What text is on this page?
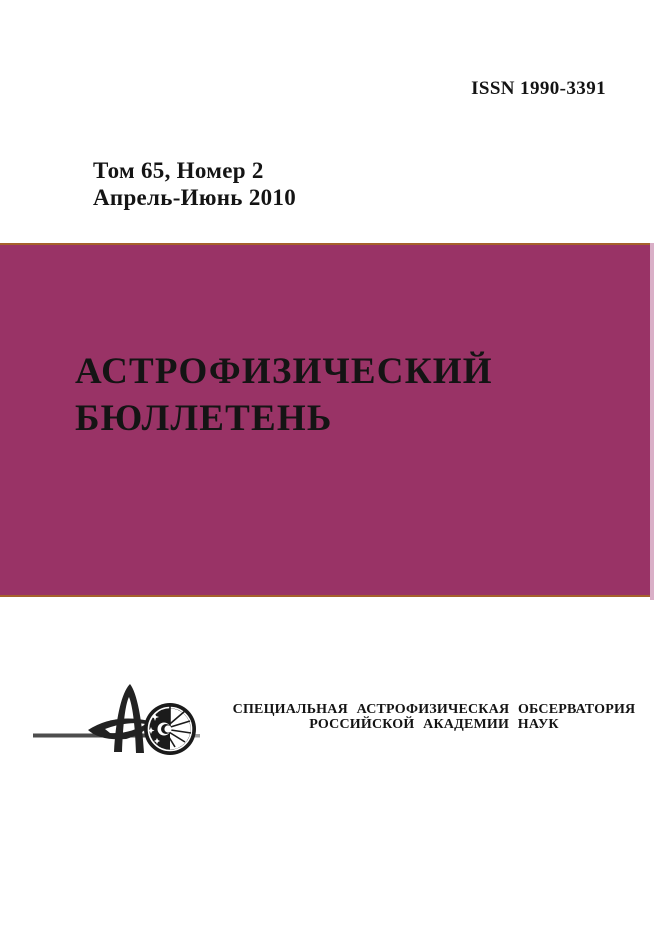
ISSN 1990-3391
Том 65, Номер 2
Апрель-Июнь 2010
АСТРОФИЗИЧЕСКИЙ
БЮЛЛЕТЕНЬ
СПЕЦИАЛЬНАЯ АСТРОФИЗИЧЕСКАЯ ОБСЕРВАТОРИЯ
РОССИЙСКОЙ АКАДЕМИИ НАУК
